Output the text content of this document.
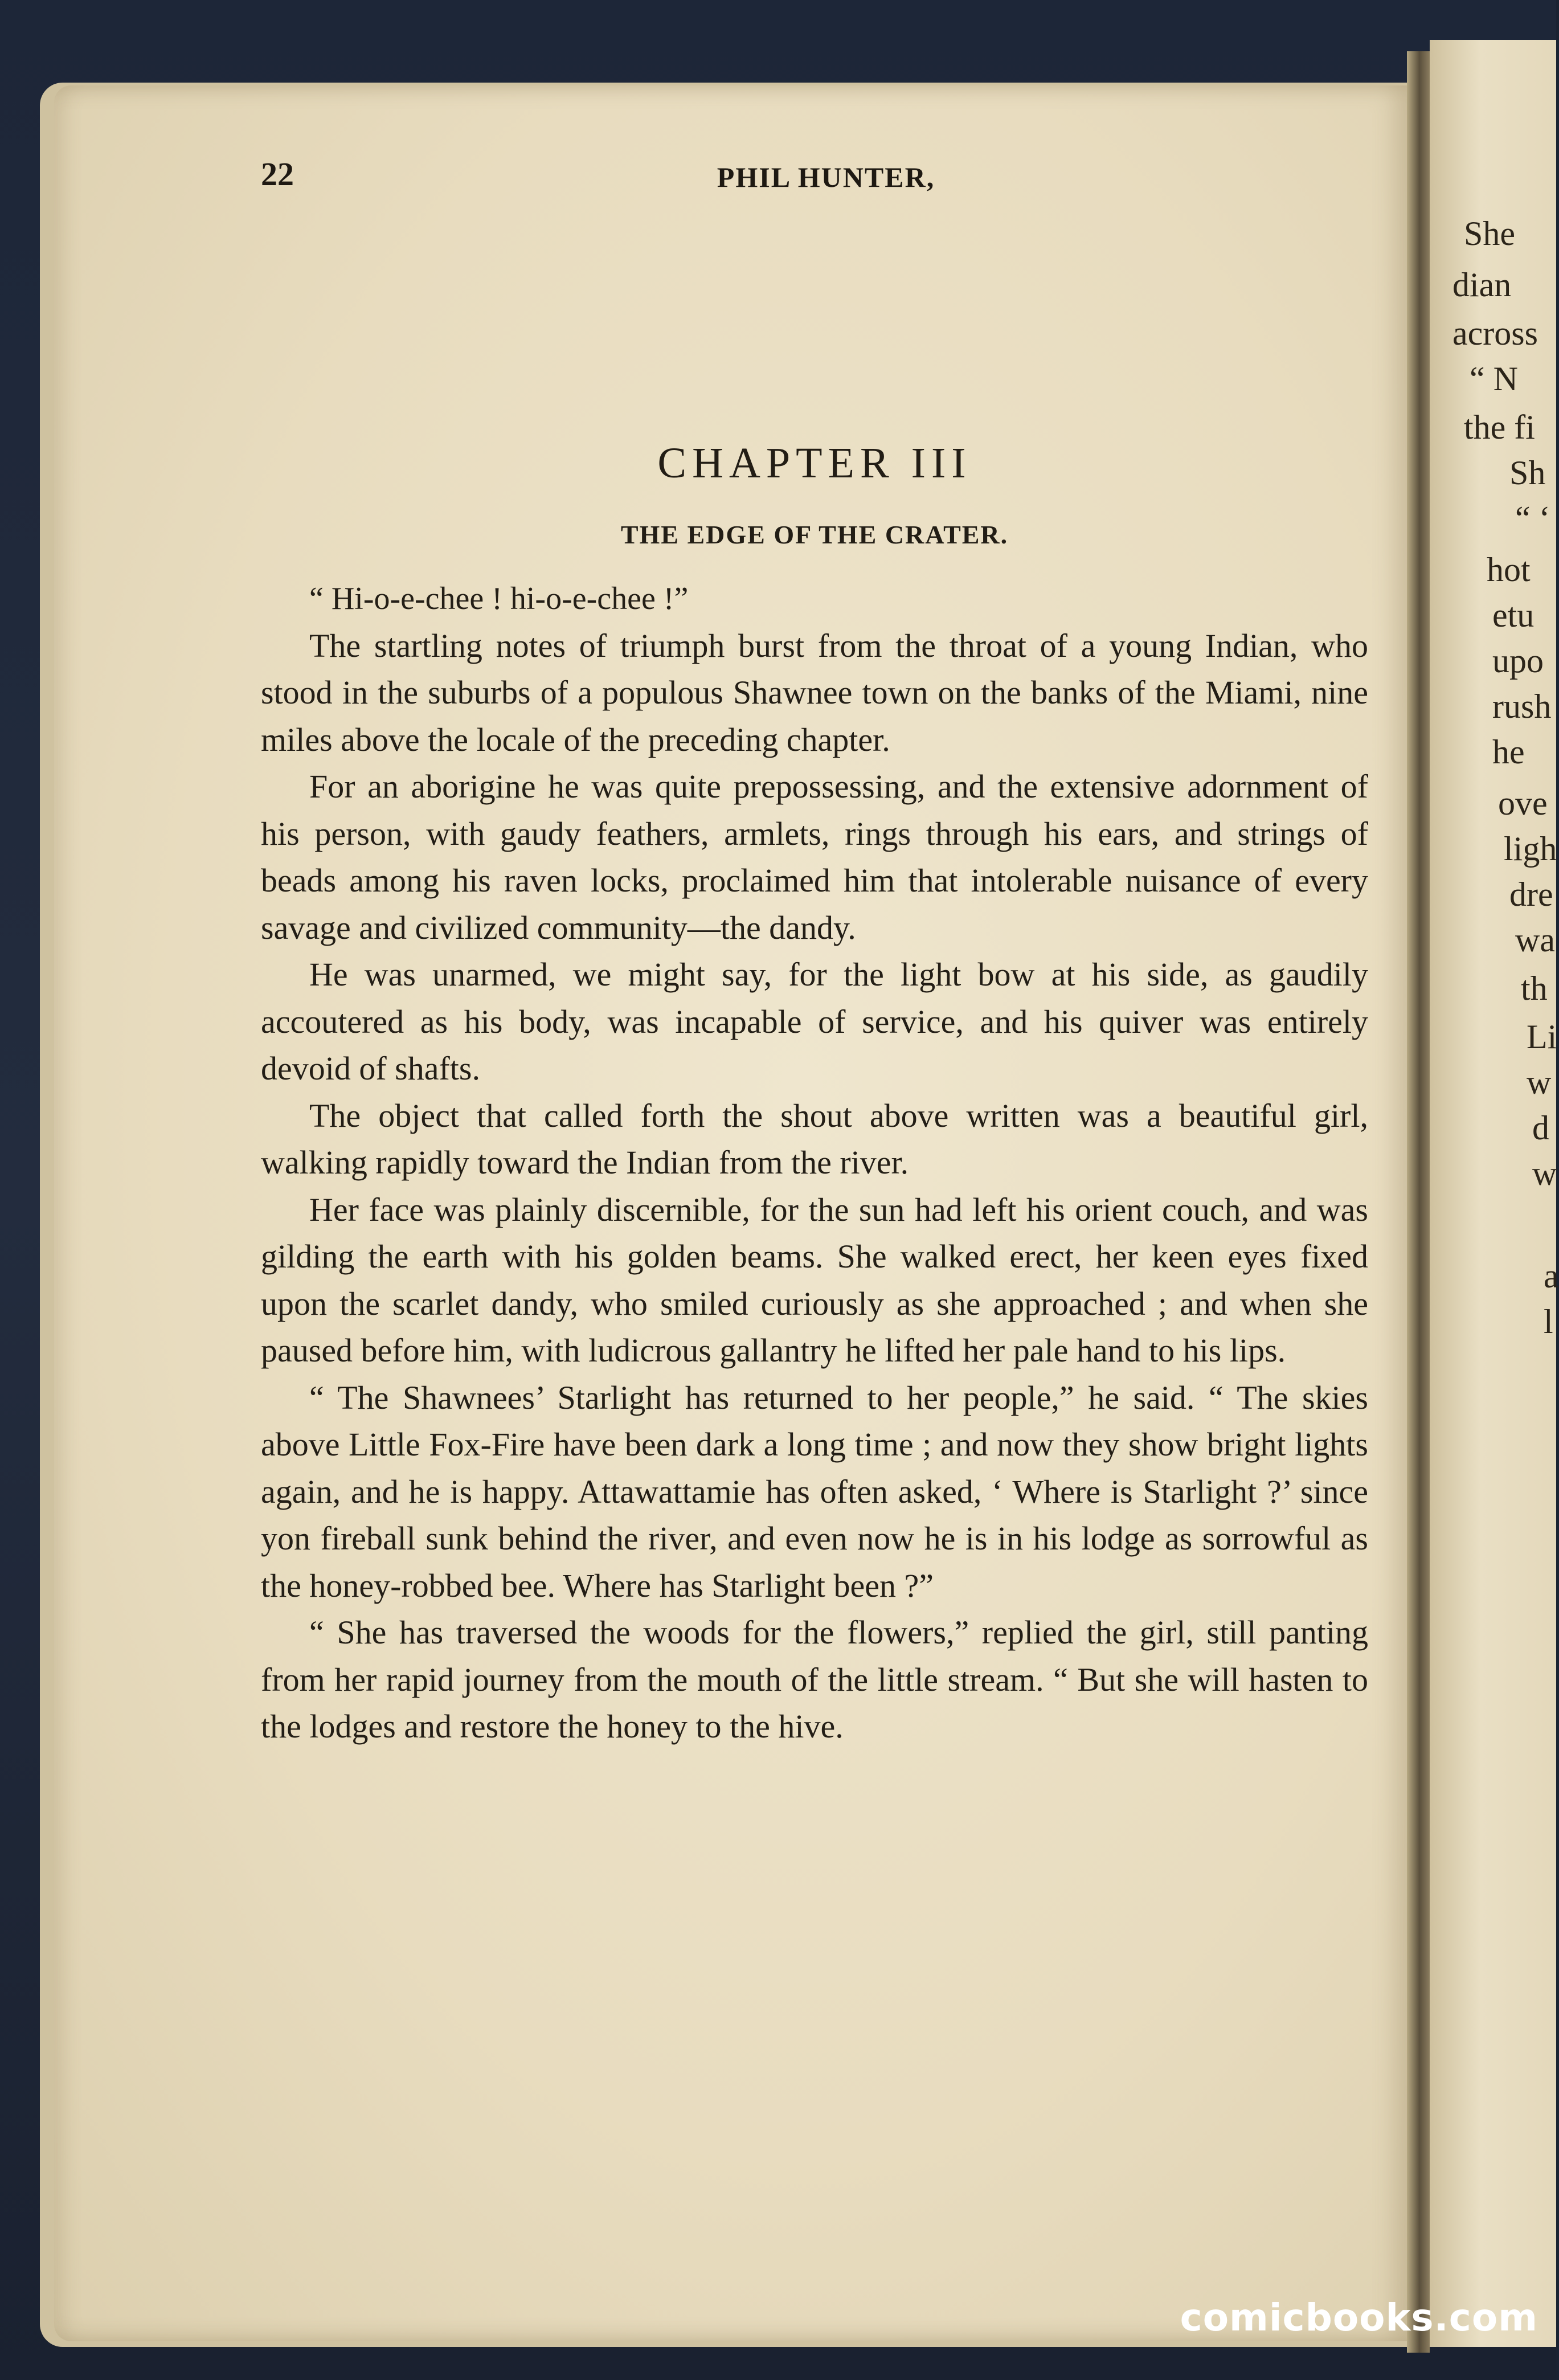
She
dian
across
“ N
the fi
Sh
“ ‘
hot
etu
upo
rush
he
ove
ligh
dre
wa
th
Li
w
d
w
a
l
22	PHIL HUNTER,
CHAPTER III
THE EDGE OF THE CRATER.

“ Hi-o-e-chee ! hi-o-e-chee !”

The startling notes of triumph burst from the throat of a young Indian, who stood in the suburbs of a populous Shawnee town on the banks of the Miami, nine miles above the locale of the preceding chapter.

For an aborigine he was quite prepossessing, and the extensive adornment of his person, with gaudy feathers, armlets, rings through his ears, and strings of beads among his raven locks, proclaimed him that intolerable nuisance of every savage and civilized community—the dandy.

He was unarmed, we might say, for the light bow at his side, as gaudily accoutered as his body, was incapable of service, and his quiver was entirely devoid of shafts.

The object that called forth the shout above written was a beautiful girl, walking rapidly toward the Indian from the river.

Her face was plainly discernible, for the sun had left his orient couch, and was gilding the earth with his golden beams. She walked erect, her keen eyes fixed upon the scarlet dandy, who smiled curiously as she approached ; and when she paused before him, with ludicrous gallantry he lifted her pale hand to his lips.

“ The Shawnees’ Starlight has returned to her people,” he said. “ The skies above Little Fox-Fire have been dark a long time ; and now they show bright lights again, and he is happy. Attawattamie has often asked, ‘ Where is Starlight ?’ since yon fireball sunk behind the river, and even now he is in his lodge as sorrowful as the honey-robbed bee. Where has Starlight been ?”

“ She has traversed the woods for the flowers,” replied the girl, still panting from her rapid journey from the mouth of the little stream. “ But she will hasten to the lodges and restore the honey to the hive.

comicbooks.com
